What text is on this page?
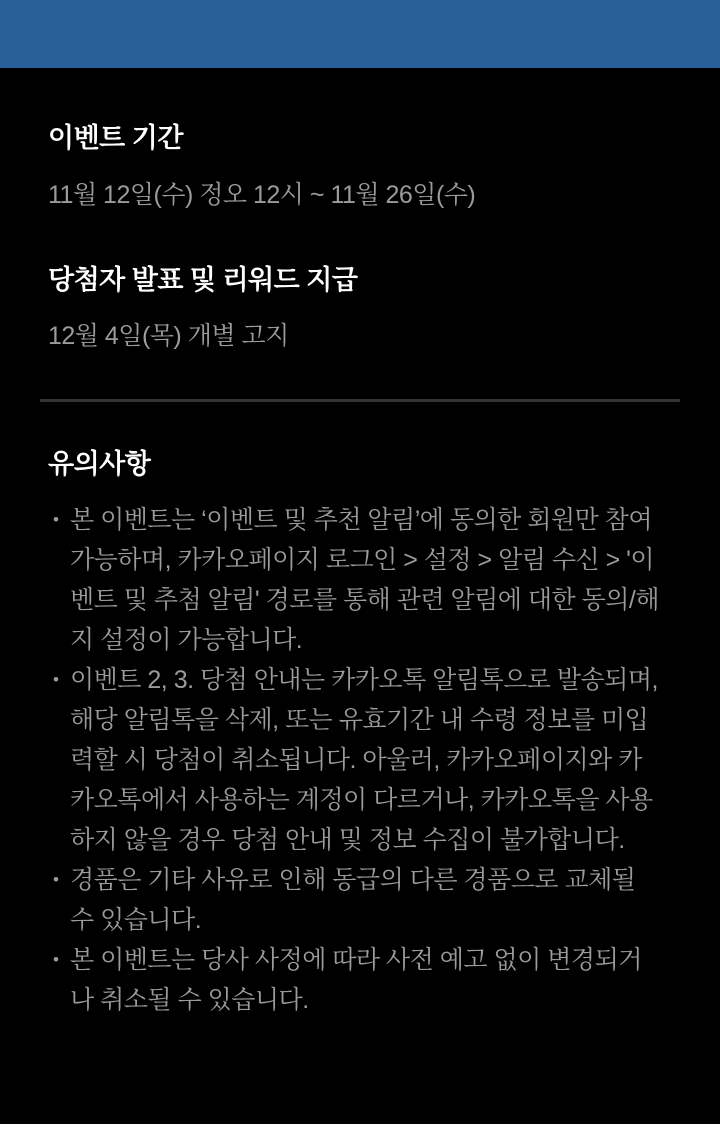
이벤트 기간
11월 12일(수) 정오 12시 ~ 11월 26일(수)
당첨자 발표 및 리워드 지급
12월 4일(목) 개별 고지
유의사항
• 본 이벤트는 ‘이벤트 및 추천 알림’에 동의한 회원만 참여 가능하며, 카카오페이지 로그인 > 설정 > 알림 수신 > '이벤트 및 추첨 알림' 경로를 통해 관련 알림에 대한 동의/해지 설정이 가능합니다.
• 이벤트 2, 3. 당첨 안내는 카카오톡 알림톡으로 발송되며, 해당 알림톡을 삭제, 또는 유효기간 내 수령 정보를 미입력할 시 당첨이 취소됩니다. 아울러, 카카오페이지와 카카오톡에서 사용하는 계정이 다르거나, 카카오톡을 사용하지 않을 경우 당첨 안내 및 정보 수집이 불가합니다.
• 경품은 기타 사유로 인해 동급의 다른 경품으로 교체될 수 있습니다.
• 본 이벤트는 당사 사정에 따라 사전 예고 없이 변경되거나 취소될 수 있습니다.
